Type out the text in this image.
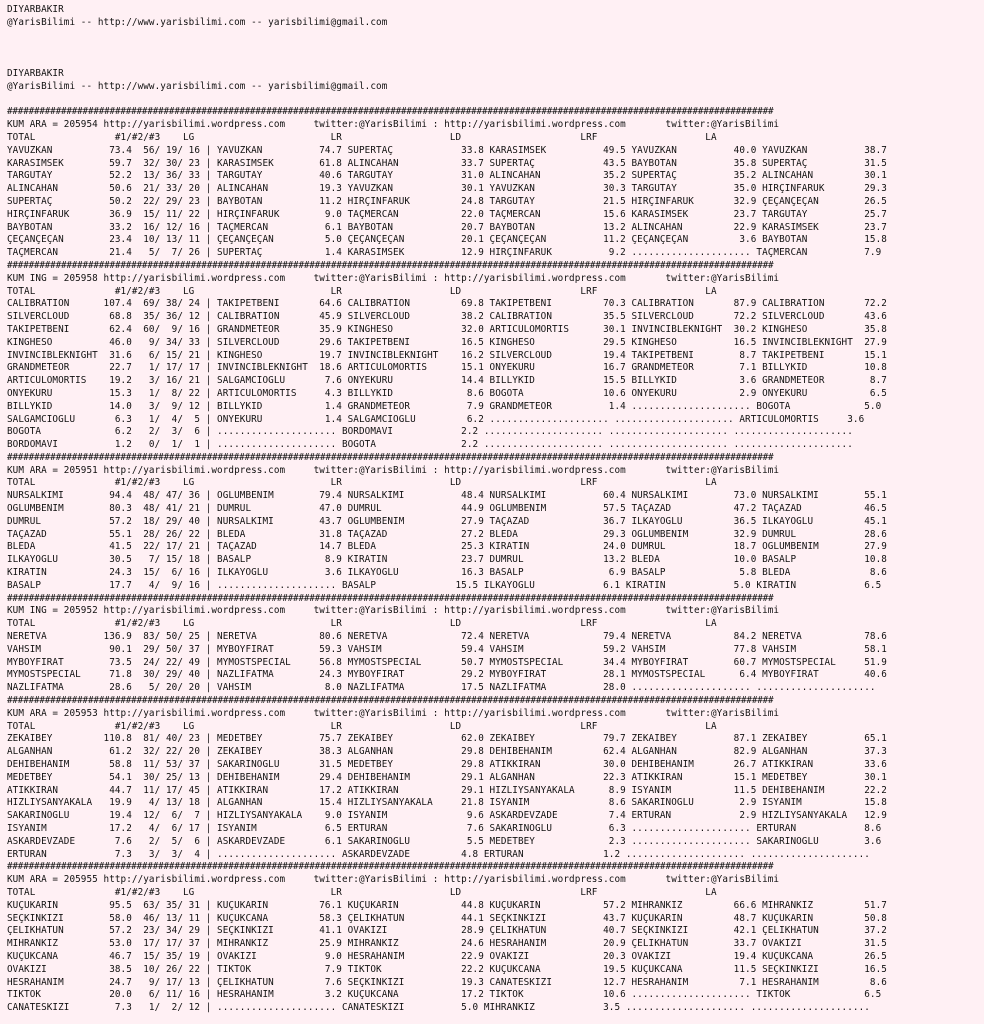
DIYARBAKIR
@YarisBilimi -- http://www.yarisbilimi.com -- yarisbilimi@gmail.com
DIYARBAKIR
@YarisBilimi -- http://www.yarisbilimi.com -- yarisbilimi@gmail.com
##############################################################################################################################################
KUM ARA = 205954 http://yarisbilimi.wordpress.com     twitter:@YarisBilimi : http://yarisbilimi.wordpress.com       twitter:@YarisBilimi
TOTAL              #1/#2/#3    LG                        LR                   LD                     LRF                   LA
YAVUZKAN          73.4  56/ 19/ 16 | YAVUZKAN          74.7 SÜPERTAÇ            33.8 KARASIMSEK          49.5 YAVUZKAN          40.0 YAVUZKAN          38.7
KARASIMSEK        59.7  32/ 30/ 23 | KARASIMSEK        61.8 ALINCAHAN           33.7 SÜPERTAÇ            43.5 BAYBOTAN          35.8 SÜPERTAÇ          31.5
TARGUTAY          52.2  13/ 36/ 33 | TARGUTAY          40.6 TARGUTAY            31.0 ALINCAHAN           35.2 SÜPERTAÇ          35.2 ALINCAHAN         30.1
ALINCAHAN         50.6  21/ 33/ 20 | ALINCAHAN         19.3 YAVUZKAN            30.1 YAVUZKAN            30.3 TARGUTAY          35.0 HIRÇINFARUK       29.3
SÜPERTAÇ          50.2  22/ 29/ 23 | BAYBOTAN          11.2 HIRÇINFARUK         24.8 TARGUTAY            21.5 HIRÇINFARUK       32.9 ÇEÇANÇEÇAN        26.5
HIRÇINFARUK       36.9  15/ 11/ 22 | HIRÇINFARUK        9.0 TAÇMERCAN           22.0 TAÇMERCAN           15.6 KARASIMSEK        23.7 TARGUTAY          25.7
BAYBOTAN          33.2  16/ 12/ 16 | TAÇMERCAN          6.1 BAYBOTAN            20.7 BAYBOTAN            13.2 ALINCAHAN         22.9 KARASIMSEK        23.7
ÇEÇANÇEÇAN        23.4  10/ 13/ 11 | ÇEÇANÇEÇAN         5.0 ÇEÇANÇEÇAN          20.1 ÇEÇANÇEÇAN          11.2 ÇEÇANÇEÇAN         3.6 BAYBOTAN          15.8
TAÇMERCAN         21.4   5/  7/ 26 | SÜPERTAÇ           1.4 KARASIMSEK          12.9 HIRÇINFARUK          9.2 ..................... TAÇMERCAN          7.9
##############################################################################################################################################
KUM ING = 205958 http://yarisbilimi.wordpress.com     twitter:@YarisBilimi : http://yarisbilimi.wordpress.com       twitter:@YarisBilimi
TOTAL              #1/#2/#3    LG                        LR                   LD                     LRF                   LA
CALIBRATION      107.4  69/ 38/ 24 | TAKIPETBENI       64.6 CALIBRATION         69.8 TAKIPETBENI         70.3 CALIBRATION       87.9 CALIBRATION       72.2
SILVERCLOUD       68.8  35/ 36/ 12 | CALIBRATION       45.9 SILVERCLOUD         38.2 CALIBRATION         35.5 SILVERCLOUD       72.2 SILVERCLOUD       43.6
TAKIPETBENI       62.4  60/  9/ 16 | GRANDMETEOR       35.9 KINGHESO            32.0 ARTICULOMORTIS      30.1 INVINCIBLEKNIGHT  30.2 KINGHESO          35.8
KINGHESO          46.0   9/ 34/ 33 | SILVERCLOUD       29.6 TAKIPETBENI         16.5 KINGHESO            29.5 KINGHESO          16.5 INVINCIBLEKNIGHT  27.9
INVINCIBLEKNIGHT  31.6   6/ 15/ 21 | KINGHESO          19.7 INVINCIBLEKNIGHT    16.2 SILVERCLOUD         19.4 TAKIPETBENI        8.7 TAKIPETBENI       15.1
GRANDMETEOR       22.7   1/ 17/ 17 | INVINCIBLEKNIGHT  18.6 ARTICULOMORTIS      15.1 ONYEKURU            16.7 GRANDMETEOR        7.1 BILLYKID          10.8
ARTICULOMORTIS    19.2   3/ 16/ 21 | SALGAMCIOGLU       7.6 ONYEKURU            14.4 BILLYKID            15.5 BILLYKID           3.6 GRANDMETEOR        8.7
ONYEKURU          15.3   1/  8/ 22 | ARTICULOMORTIS     4.3 BILLYKID             8.6 BOGOTA              10.6 ONYEKURU           2.9 ONYEKURU           6.5
BILLYKID          14.0   3/  9/ 12 | BILLYKID           1.4 GRANDMETEOR          7.9 GRANDMETEOR          1.4 ..................... BOGOTA             5.0
SALGAMCIOGLU       6.3   1/  4/  5 | ONYEKURU           1.4 SALGAMCIOGLU         6.2 ..................... ..................... ARTICULOMORTIS     3.6
BOGOTA             6.2   2/  3/  6 | ..................... BORDOMAVI            2.2 ..................... ..................... .....................
BORDOMAVI          1.2   0/  1/  1 | ..................... BOGOTA               2.2 ..................... ..................... .....................
##############################################################################################################################################
KUM ARA = 205951 http://yarisbilimi.wordpress.com     twitter:@YarisBilimi : http://yarisbilimi.wordpress.com       twitter:@YarisBilimi
TOTAL              #1/#2/#3    LG                        LR                   LD                     LRF                   LA
NURSALKIMI        94.4  48/ 47/ 36 | OGLUMBENIM        79.4 NURSALKIMI          48.4 NURSALKIMI          60.4 NURSALKIMI        73.0 NURSALKIMI        55.1
OGLUMBENIM        80.3  48/ 41/ 21 | DUMRUL            47.0 DUMRUL              44.9 OGLUMBENIM          57.5 TAÇAZAD           47.2 TAÇAZAD           46.5
DUMRUL            57.2  18/ 29/ 40 | NURSALKIMI        43.7 OGLUMBENIM          27.9 TAÇAZAD             36.7 ILKAYOGLU         36.5 ILKAYOGLU         45.1
TAÇAZAD           55.1  28/ 26/ 22 | BLEDA             31.8 TAÇAZAD             27.2 BLEDA               29.3 OGLUMBENIM        32.9 DUMRUL            28.6
BLEDA             41.5  22/ 17/ 21 | TAÇAZAD           14.7 BLEDA               25.3 KIRATIN             24.0 DUMRUL            18.7 OGLUMBENIM        27.9
ILKAYOGLU         30.5   7/ 15/ 18 | BASALP             8.9 KIRATIN             23.7 DUMRUL              13.2 BLEDA             10.0 BASALP            10.8
KIRATIN           24.3  15/  6/ 16 | ILKAYOGLU          3.6 ILKAYOGLU           16.3 BASALP               6.9 BASALP             5.8 BLEDA              8.6
BASALP            17.7   4/  9/ 16 | ..................... BASALP              15.5 ILKAYOGLU            6.1 KIRATIN            5.0 KIRATIN            6.5
##############################################################################################################################################
KUM ING = 205952 http://yarisbilimi.wordpress.com     twitter:@YarisBilimi : http://yarisbilimi.wordpress.com       twitter:@YarisBilimi
TOTAL              #1/#2/#3    LG                        LR                   LD                     LRF                   LA
NERETVA          136.9  83/ 50/ 25 | NERETVA           80.6 NERETVA             72.4 NERETVA             79.4 NERETVA           84.2 NERETVA           78.6
VAHSIM            90.1  29/ 50/ 37 | MYBOYFIRAT        59.3 VAHSIM              59.4 VAHSIM              59.2 VAHSIM            77.8 VAHSIM            58.1
MYBOYFIRAT        73.5  24/ 22/ 49 | MYMOSTSPECIAL     56.8 MYMOSTSPECIAL       50.7 MYMOSTSPECIAL       34.4 MYBOYFIRAT        60.7 MYMOSTSPECIAL     51.9
MYMOSTSPECIAL     71.8  30/ 29/ 40 | NAZLIFATMA        24.3 MYBOYFIRAT          29.2 MYBOYFIRAT          28.1 MYMOSTSPECIAL      6.4 MYBOYFIRAT        40.6
NAZLIFATMA        28.6   5/ 20/ 20 | VAHSIM             8.0 NAZLIFATMA          17.5 NAZLIFATMA          28.0 ..................... .....................
##############################################################################################################################################
KUM ARA = 205953 http://yarisbilimi.wordpress.com     twitter:@YarisBilimi : http://yarisbilimi.wordpress.com       twitter:@YarisBilimi
TOTAL              #1/#2/#3    LG                        LR                   LD                     LRF                   LA
ZEKAIBEY         110.8  81/ 40/ 23 | MEDETBEY          75.7 ZEKAIBEY            62.0 ZEKAIBEY            79.7 ZEKAIBEY          87.1 ZEKAIBEY          65.1
ALGANHAN          61.2  32/ 22/ 20 | ZEKAIBEY          38.3 ALGANHAN            29.8 DEHIBEHANIM         62.4 ALGANHAN          82.9 ALGANHAN          37.3
DEHIBEHANIM       58.8  11/ 53/ 37 | SAKARINOGLU       31.5 MEDETBEY            29.8 ATIKKIRAN           30.0 DEHIBEHANIM       26.7 ATIKKIRAN         33.6
MEDETBEY          54.1  30/ 25/ 13 | DEHIBEHANIM       29.4 DEHIBEHANIM         29.1 ALGANHAN            22.3 ATIKKIRAN         15.1 MEDETBEY          30.1
ATIKKIRAN         44.7  11/ 17/ 45 | ATIKKIRAN         17.2 ATIKKIRAN           29.1 HIZLIYSANYAKALA      8.9 ISYANIM           11.5 DEHIBEHANIM       22.2
HIZLIYSANYAKALA   19.9   4/ 13/ 18 | ALGANHAN          15.4 HIZLIYSANYAKALA     21.8 ISYANIM              8.6 SAKARINOGLU        2.9 ISYANIM           15.8
SAKARINOGLU       19.4  12/  6/  7 | HIZLIYSANYAKALA    9.0 ISYANIM              9.6 ASKARDEVZADE         7.4 ERTURAN            2.9 HIZLIYSANYAKALA   12.9
ISYANIM           17.2   4/  6/ 17 | ISYANIM            6.5 ERTURAN              7.6 SAKARINOGLU          6.3 ..................... ERTURAN            8.6
ASKARDEVZADE       7.6   2/  5/  6 | ASKARDEVZADE       6.1 SAKARINOGLU          5.5 MEDETBEY             2.3 ..................... SAKARINOGLU        3.6
ERTURAN            7.3   3/  3/  4 | ..................... ASKARDEVZADE         4.8 ERTURAN              1.2 ..................... .....................
##############################################################################################################################################
KUM ARA = 205955 http://yarisbilimi.wordpress.com     twitter:@YarisBilimi : http://yarisbilimi.wordpress.com       twitter:@YarisBilimi
TOTAL              #1/#2/#3    LG                        LR                   LD                     LRF                   LA
KÜÇÜKARIN         95.5  63/ 35/ 31 | KÜÇÜKARIN         76.1 KÜÇÜKARIN           44.8 KÜÇÜKARIN           57.2 MIHRANKIZ         66.6 MIHRANKIZ         51.7
SEÇKINKIZI        58.0  46/ 13/ 11 | KÜÇÜKCANA         58.3 ÇELIKHATUN          44.1 SEÇKINKIZI          43.7 KÜÇÜKARIN         48.7 KÜÇÜKARIN         50.8
ÇELIKHATUN        57.2  23/ 34/ 29 | SEÇKINKIZI        41.1 OVAKIZI             28.9 ÇELIKHATUN          40.7 SEÇKINKIZI        42.1 ÇELIKHATUN        37.2
MIHRANKIZ         53.0  17/ 17/ 37 | MIHRANKIZ         25.9 MIHRANKIZ           24.6 HESRAHANIM          20.9 ÇELIKHATUN        33.7 OVAKIZI           31.5
KÜÇÜKCANA         46.7  15/ 35/ 19 | OVAKIZI            9.0 HESRAHANIM          22.9 OVAKIZI             20.3 OVAKIZI           19.4 KÜÇÜKCANA         26.5
OVAKIZI           38.5  10/ 26/ 22 | TIKTOK             7.9 TIKTOK              22.2 KÜÇÜKCANA           19.5 KÜÇÜKCANA         11.5 SEÇKINKIZI        16.5
HESRAHANIM        24.7   9/ 17/ 13 | ÇELIKHATUN         7.6 SEÇKINKIZI          19.3 CANATESKIZI         12.7 HESRAHANIM         7.1 HESRAHANIM         8.6
TIKTOK            20.0   6/ 11/ 16 | HESRAHANIM         3.2 KÜÇÜKCANA           17.2 TIKTOK              10.6 ..................... TIKTOK             6.5
CANATESKIZI        7.3   1/  2/ 12 | ..................... CANATESKIZI          5.0 MIHRANKIZ            3.5 ..................... .....................
